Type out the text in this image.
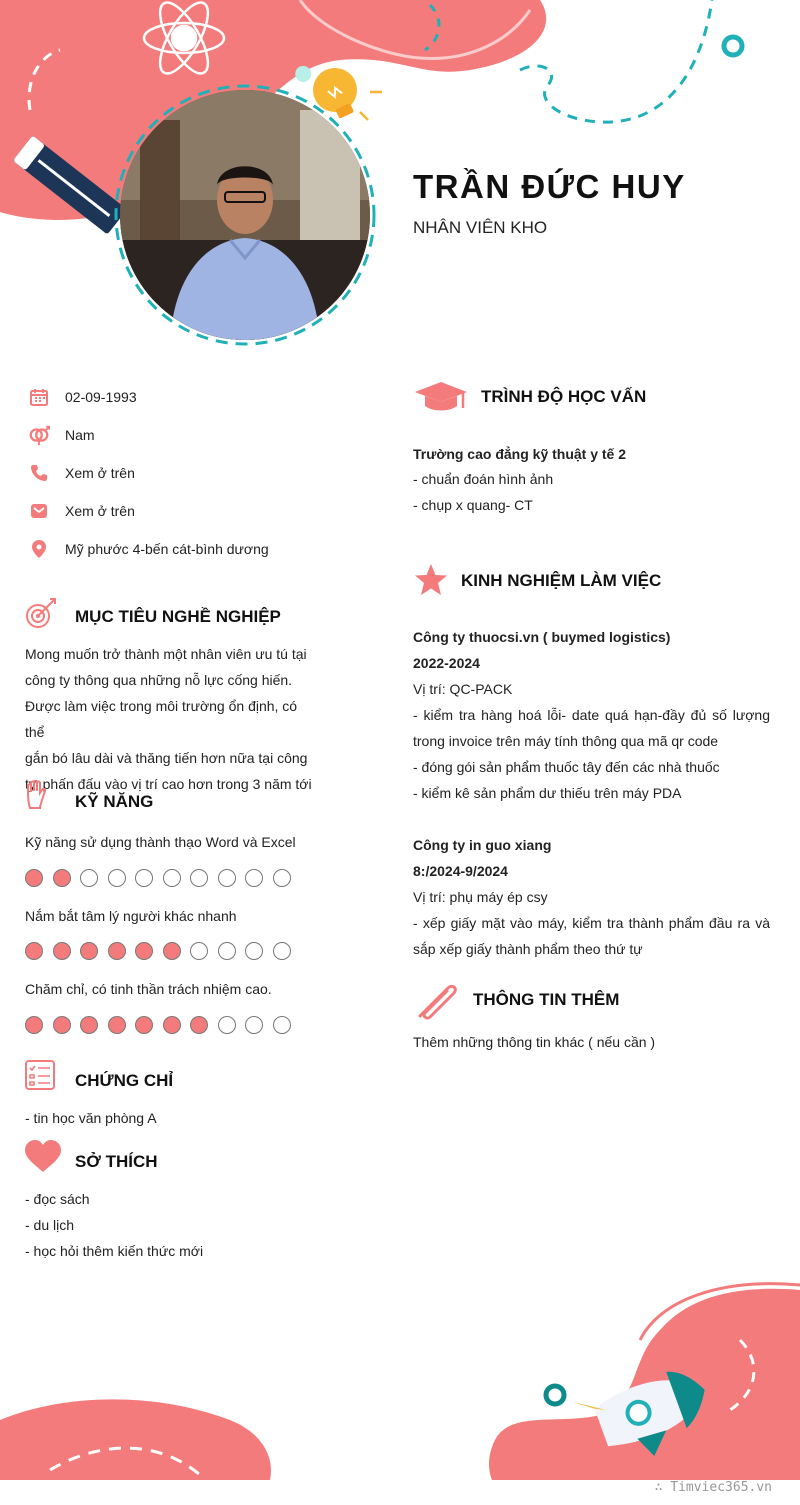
TRẦN ĐỨC HUY
NHÂN VIÊN KHO
02-09-1993
Nam
Xem ở trên
Xem ở trên
Mỹ phước 4-bến cát-bình dương
MỤC TIÊU NGHỀ NGHIỆP
Mong muốn trở thành một nhân viên ưu tú tại
công ty thông qua những nỗ lực cống hiến.
Được làm việc trong môi trường ổn định, có thể
gắn bó lâu dài và thăng tiến hơn nữa tại công
ty, phấn đấu vào vị trí cao hơn trong 3 năm tới
KỸ NĂNG
Kỹ năng sử dụng thành thạo Word và Excel
Nắm bắt tâm lý người khác nhanh
Chăm chỉ, có tinh thần trách nhiệm cao.
CHỨNG CHỈ
- tin học văn phòng A
SỞ THÍCH
- đọc sách
- du lịch
- học hỏi thêm kiến thức mới
TRÌNH ĐỘ HỌC VẤN
Trường cao đẳng kỹ thuật y tế 2
- chuẩn đoán hình ảnh
- chụp x quang- CT
KINH NGHIỆM LÀM VIỆC
Công ty thuocsi.vn ( buymed logistics)
2022-2024
Vị trí: QC-PACK
- kiểm tra hàng hoá lỗi- date quá hạn-đầy đủ số lượng trong invoice trên máy tính thông qua mã qr code
- đóng gói sản phẩm thuốc tây đến các nhà thuốc
- kiểm kê sản phẩm dư thiếu trên máy PDA
Công ty in guo xiang
8:/2024-9/2024
Vị trí: phụ máy ép csy
- xếp giấy mặt vào máy, kiểm tra thành phẩm đầu ra và sắp xếp giấy thành phẩm theo thứ tự
THÔNG TIN THÊM
Thêm những thông tin khác ( nếu cần )
∴ Timviec365.vn
